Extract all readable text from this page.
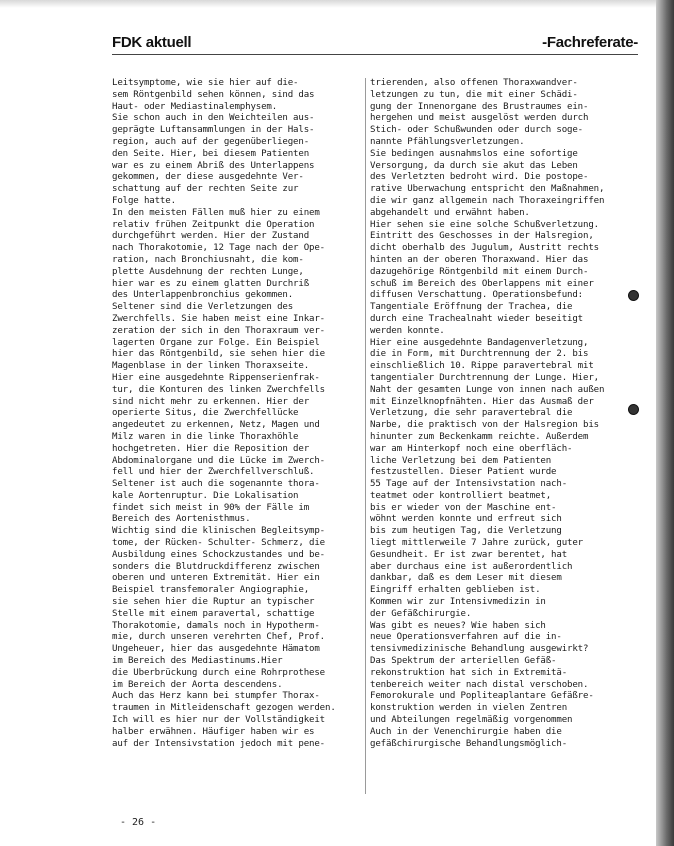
FDK aktuell	-Fachreferate-
Leitsymptome, wie sie hier auf die-
sem Röntgenbild sehen können, sind das
Haut- oder Mediastinalemphysem.
Sie schon auch in den Weichteilen aus-
geprägte Luftansammlungen in der Hals-
region, auch auf der gegenüberliegen-
den Seite. Hier, bei diesem Patienten
war es zu einem Abriß des Unterlappens
gekommen, der diese ausgedehnte Ver-
schattung auf der rechten Seite zur
Folge hatte.
In den meisten Fällen muß hier zu einem
relativ frühen Zeitpunkt die Operation
durchgeführt werden. Hier der Zustand
nach Thorakotomie, 12 Tage nach der Ope-
ration, nach Bronchiusnaht, die kom-
plette Ausdehnung der rechten Lunge,
hier war es zu einem glatten Durchriß
des Unterlappenbronchius gekommen.
Seltener sind die Verletzungen des
Zwerchfells. Sie haben meist eine Inkar-
zeration der sich in den Thoraxraum ver-
lagerten Organe zur Folge. Ein Beispiel
hier das Röntgenbild, sie sehen hier die
Magenblase in der linken Thoraxseite.
Hier eine ausgedehnte Rippenserienfrak-
tur, die Konturen des linken Zwerchfells
sind nicht mehr zu erkennen. Hier der
operierte Situs, die Zwerchfellücke
angedeutet zu erkennen, Netz, Magen und
Milz waren in die linke Thoraxhöhle
hochgetreten. Hier die Reposition der
Abdominalorgane und die Lücke im Zwerch-
fell und hier der Zwerchfellverschluß.
Seltener ist auch die sogenannte thora-
kale Aortenruptur. Die Lokalisation
findet sich meist in 90% der Fälle im
Bereich des Aortenisthmus.
Wichtig sind die klinischen Begleitsymp-
tome, der Rücken- Schulter- Schmerz, die
Ausbildung eines Schockzustandes und be-
sonders die Blutdruckdifferenz zwischen
oberen und unteren Extremität. Hier ein
Beispiel transfemoraler Angiographie,
sie sehen hier die Ruptur an typischer
Stelle mit einem paravertal, schattige
Thorakotomie, damals noch in Hypotherm-
mie, durch unseren verehrten Chef, Prof.
Ungeheuer, hier das ausgedehnte Hämatom
im Bereich des Mediastinums.Hier
die Überbrückung durch eine Rohrprothese
im Bereich der Aorta descendens.
Auch das Herz kann bei stumpfer Thorax-
traumen in Mitleidenschaft gezogen werden.
Ich will es hier nur der Vollständigkeit
halber erwähnen. Häufiger haben wir es
auf der Intensivstation jedoch mit pene-
trierenden, also offenen Thoraxwandver-
letzungen zu tun, die mit einer Schädi-
gung der Innenorgane des Brustraumes ein-
hergehen und meist ausgelöst werden durch
Stich- oder Schußwunden oder durch soge-
nannte Pfählungsverletzungen.
Sie bedingen ausnahmslos eine sofortige
Versorgung, da durch sie akut das Leben
des Verletzten bedroht wird. Die postope-
rative Überwachung entspricht den Maßnahmen,
die wir ganz allgemein nach Thoraxeingriffen
abgehandelt und erwähnt haben.
Hier sehen sie eine solche Schußverletzung.
Eintritt des Geschosses in der Halsregion,
dicht oberhalb des Jugulum, Austritt rechts
hinten an der oberen Thoraxwand. Hier das
dazugehörige Röntgenbild mit einem Durch-
schuß im Bereich des Oberlappens mit einer
diffusen Verschattung. Operationsbefund:
Tangentiale Eröffnung der Trachea, die
durch eine Trachealnaht wieder beseitigt
werden konnte.
Hier eine ausgedehnte Bandagenverletzung,
die in Form, mit Durchtrennung der 2. bis
einschließlich 10. Rippe paravertebral mit
tangentialer Durchtrennung der Lunge. Hier,
Naht der gesamten Lunge von innen nach außen
mit Einzelknopfnähten. Hier das Ausmaß der
Verletzung, die sehr paravertebral die
Narbe, die praktisch von der Halsregion bis
hinunter zum Beckenkamm reichte. Außerdem
war am Hinterkopf noch eine oberfläch-
liche Verletzung bei dem Patienten
festzustellen. Dieser Patient wurde
55 Tage auf der Intensivstation nach-
teatmet oder kontrolliert beatmet,
bis er wieder von der Maschine ent-
wöhnt werden konnte und erfreut sich
bis zum heutigen Tag, die Verletzung
liegt mittlerweile 7 Jahre zurück, guter
Gesundheit. Er ist zwar berentet, hat
aber durchaus eine ist außerordentlich
dankbar, daß es dem Leser mit diesem
Eingriff erhalten geblieben ist.
Kommen wir zur Intensivmedizin in
der Gefäßchirurgie.
Was gibt es neues? Wie haben sich
neue Operationsverfahren auf die in-
tensivmedizinische Behandlung ausgewirkt?
Das Spektrum der arteriellen Gefäß-
rekonstruktion hat sich in Extremitä-
tenbereich weiter nach distal verschoben.
Femorokurale und Popliteaplantare Gefäßre-
konstruktion werden in vielen Zentren
und Abteilungen regelmäßig vorgenommen
Auch in der Venenchirurgie haben die
gefäßchirurgische Behandlungsmöglich-
- 26 -
